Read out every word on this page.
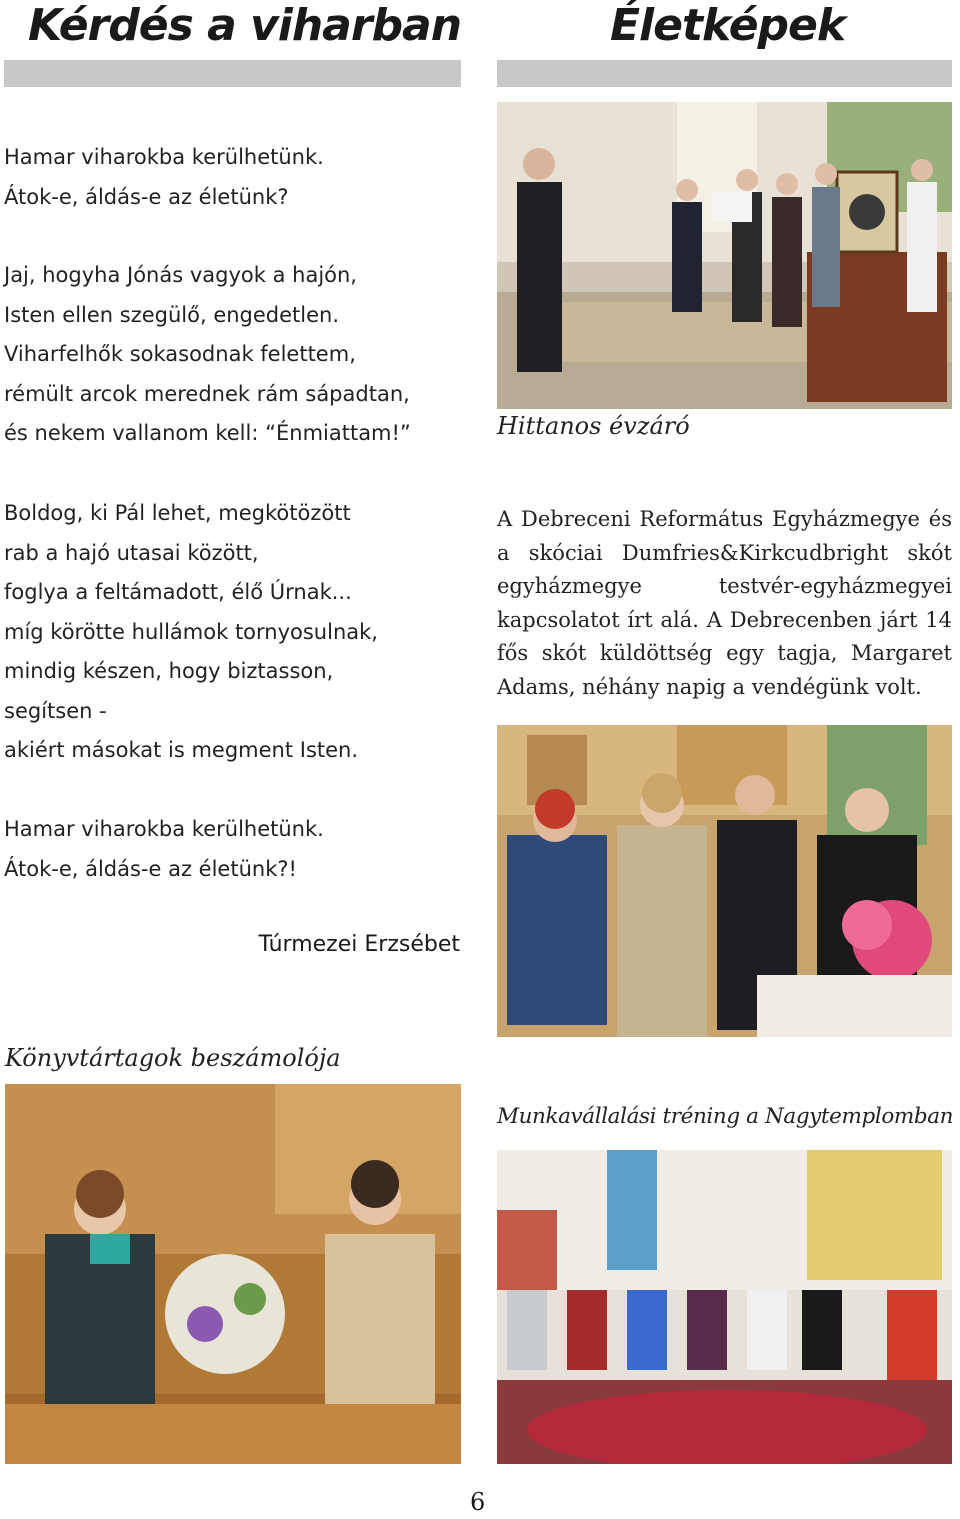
Kérdés a viharban	Életképek
Hamar viharokba kerülhetünk.
Átok-e, áldás-e az életünk?
Jaj, hogyha Jónás vagyok a hajón,
Isten ellen szegülő, engedetlen.
Viharfelhők sokasodnak felettem,
rémült arcok merednek rám sápadtan,
és nekem vallanom kell: “Énmiattam!”
Boldog, ki Pál lehet, megkötözött
rab a hajó utasai között,
foglya a feltámadott, élő Úrnak...
míg körötte hullámok tornyosulnak,
mindig készen, hogy biztasson,
segítsen -
akiért másokat is megment Isten.
Hamar viharokba kerülhetünk.
Átok-e, áldás-e az életünk?!
Túrmezei Erzsébet
Hittanos évzáró
A Debreceni Református Egyházmegye és a skóciai Dumfries&Kirkcudbright skót egyházmegye testvér-egyházmegyei kapcsolatot írt alá. A Debrecenben járt 14 fős skót küldöttség egy tagja, Margaret Adams, néhány napig a vendégünk volt.
Könyvtártagok beszámolója
Munkavállalási tréning a Nagytemplomban
6
